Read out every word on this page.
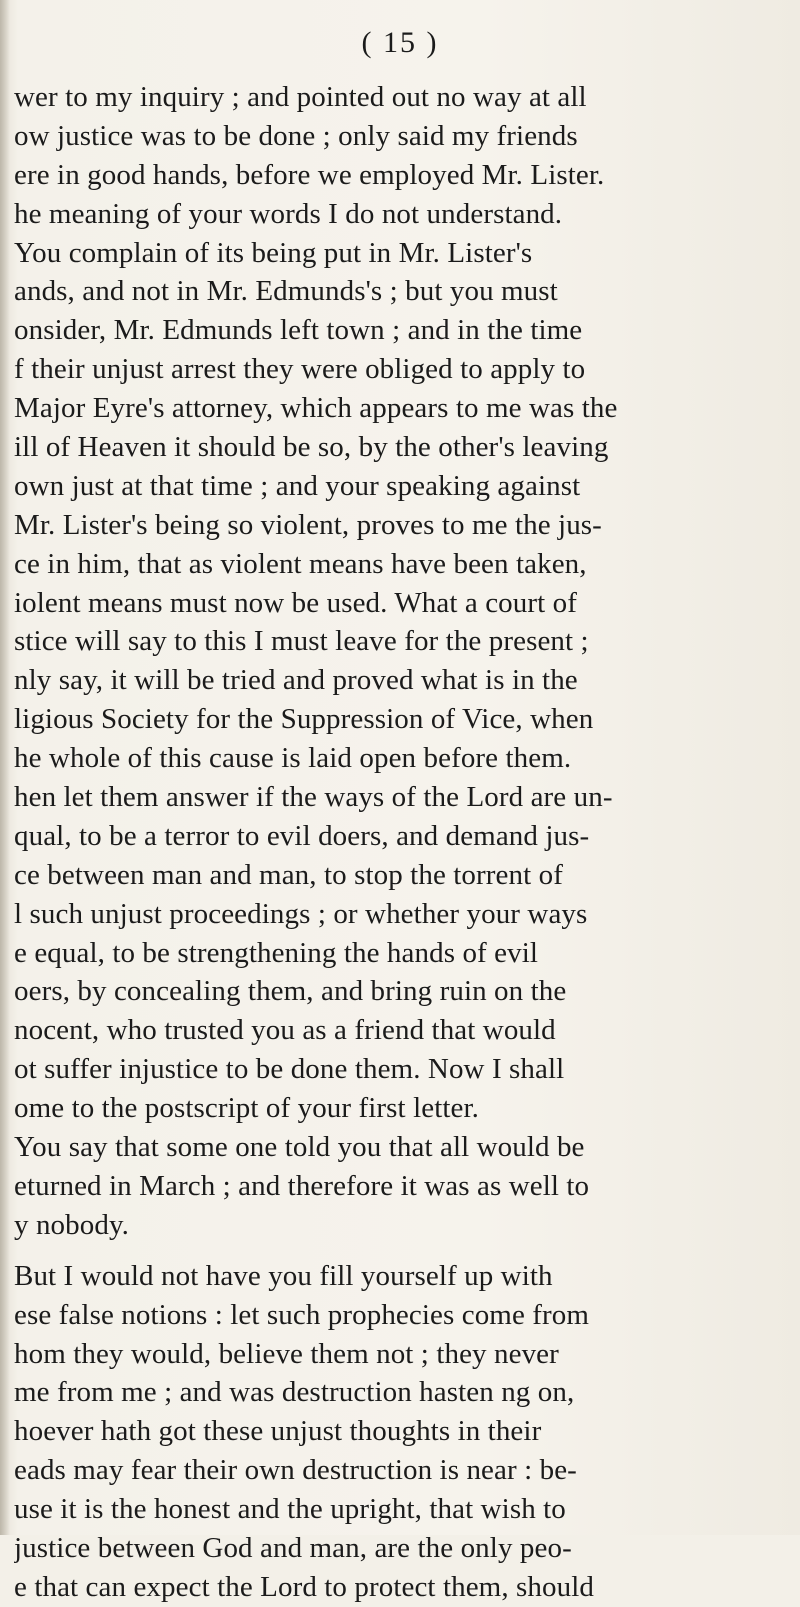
( 15 )
wer to my inquiry ; and pointed out no way at all
ow justice was to be done ; only said my friends
ere in good hands, before we employed Mr. Lister.
he meaning of your words I do not understand.
You complain of its being put in Mr. Lister's
ands, and not in Mr. Edmunds's ; but you must
onsider, Mr. Edmunds left town ; and in the time
f their unjust arrest they were obliged to apply to
Major Eyre's attorney, which appears to me was the
ill of Heaven it should be so, by the other's leaving
own just at that time ; and your speaking against
Mr. Lister's being so violent, proves to me the jus-
ce in him, that as violent means have been taken,
iolent means must now be used. What a court of
stice will say to this I must leave for the present ;
nly say, it will be tried and proved what is in the
ligious Society for the Suppression of Vice, when
he whole of this cause is laid open before them.
hen let them answer if the ways of the Lord are un-
qual, to be a terror to evil doers, and demand jus-
ce between man and man, to stop the torrent of
l such unjust proceedings ; or whether your ways
e equal, to be strengthening the hands of evil
oers, by concealing them, and bring ruin on the
nocent, who trusted you as a friend that would
ot suffer injustice to be done them. Now I shall
ome to the postscript of your first letter.
You say that some one told you that all would be
eturned in March ; and therefore it was as well to
y nobody.
But I would not have you fill yourself up with
ese false notions : let such prophecies come from
hom they would, believe them not ; they never
me from me ; and was destruction hasten ng on,
hoever hath got these unjust thoughts in their
eads may fear their own destruction is near : be-
use it is the honest and the upright, that wish to
justice between God and man, are the only peo-
e that can expect the Lord to protect them, should
